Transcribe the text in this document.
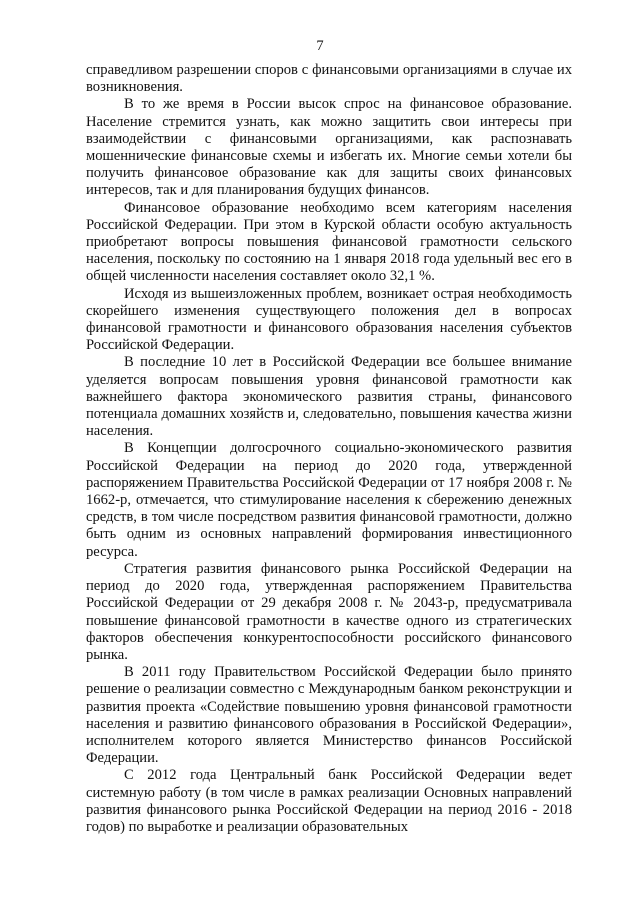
7

справедливом разрешении споров с финансовыми организациями в случае их возникновения.

В то же время в России высок спрос на финансовое образование. Население стремится узнать, как можно защитить свои интересы при взаимодействии с финансовыми организациями, как распознавать мошеннические финансовые схемы и избегать их. Многие семьи хотели бы получить финансовое образование как для защиты своих финансовых интересов, так и для планирования будущих финансов.

Финансовое образование необходимо всем категориям населения Российской Федерации. При этом в Курской области особую актуальность приобретают вопросы повышения финансовой грамотности сельского населения, поскольку по состоянию на 1 января 2018 года удельный вес его в общей численности населения составляет около 32,1 %.

Исходя из вышеизложенных проблем, возникает острая необходимость скорейшего изменения существующего положения дел в вопросах финансовой грамотности и финансового образования населения субъектов Российской Федерации.

В последние 10 лет в Российской Федерации все большее внимание уделяется вопросам повышения уровня финансовой грамотности как важнейшего фактора экономического развития страны, финансового потенциала домашних хозяйств и, следовательно, повышения качества жизни населения.

В Концепции долгосрочного социально-экономического развития Российской Федерации на период до 2020 года, утвержденной распоряжением Правительства Российской Федерации от 17 ноября 2008 г. № 1662-р, отмечается, что стимулирование населения к сбережению денежных средств, в том числе посредством развития финансовой грамотности, должно быть одним из основных направлений формирования инвестиционного ресурса.

Стратегия развития финансового рынка Российской Федерации на период до 2020 года, утвержденная распоряжением Правительства Российской Федерации от 29 декабря 2008 г. № 2043-р, предусматривала повышение финансовой грамотности в качестве одного из стратегических факторов обеспечения конкурентоспособности российского финансового рынка.

В 2011 году Правительством Российской Федерации было принято решение о реализации совместно с Международным банком реконструкции и развития проекта «Содействие повышению уровня финансовой грамотности населения и развитию финансового образования в Российской Федерации», исполнителем которого является Министерство финансов Российской Федерации.

С 2012 года Центральный банк Российской Федерации ведет системную работу (в том числе в рамках реализации Основных направлений развития финансового рынка Российской Федерации на период 2016 - 2018 годов) по выработке и реализации образовательных
